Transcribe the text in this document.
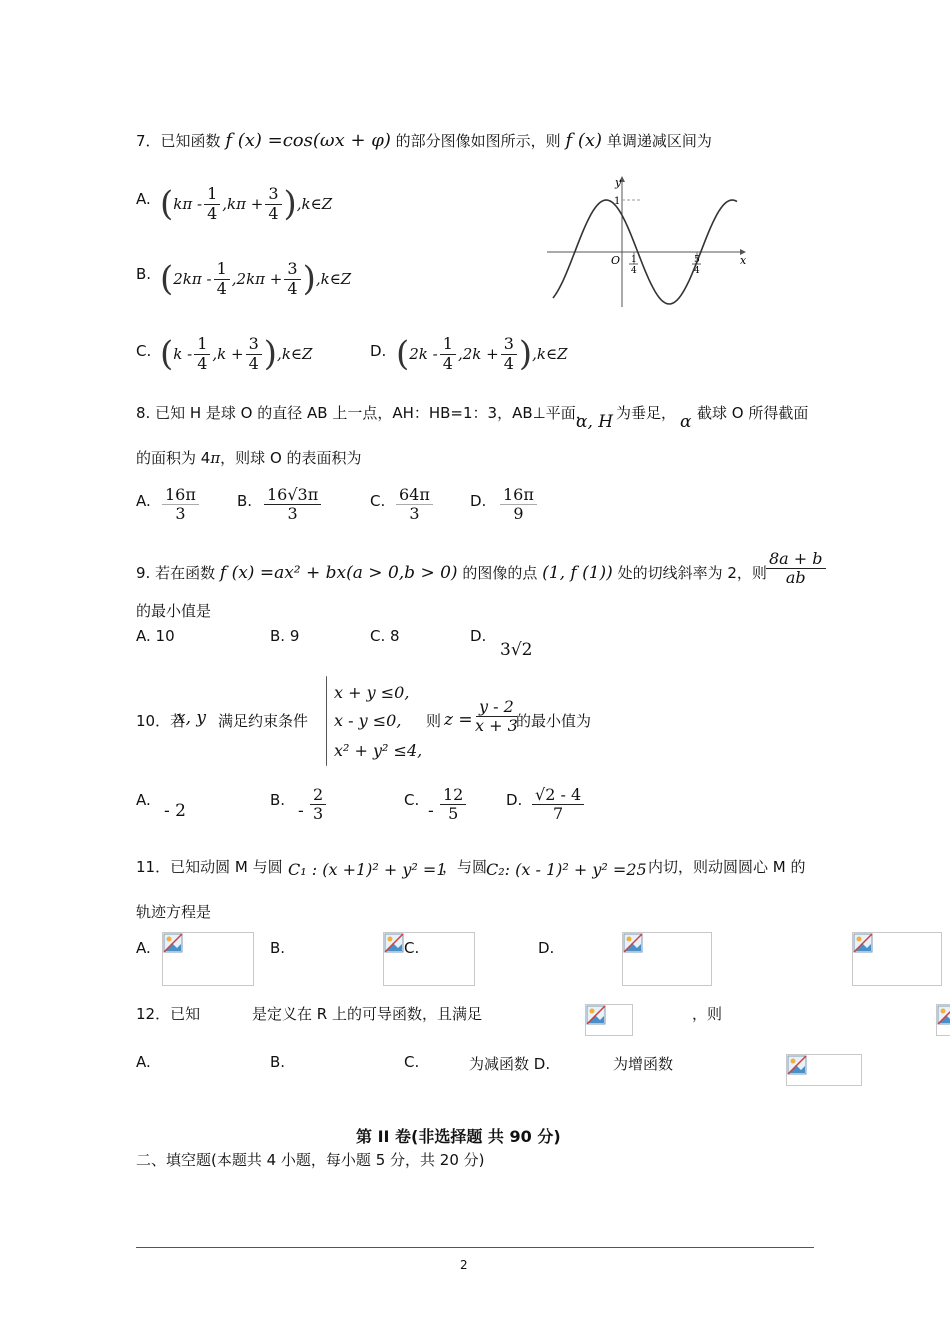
7．已知函数 f (x) =cos(ωx + φ) 的部分图像如图所示，则 f (x) 单调递减区间为
A. ( $k\pi - \frac{1}{4} ,k\pi + \frac{3}{4}$ ) ,k∈Z
B. ( $2k\pi - \frac{1}{4} ,2k\pi + \frac{3}{4}$ ) ,k∈Z
C. ( $k - \frac{1}{4} ,k + \frac{3}{4}$ ) ,k∈Z	D. ( $2k - \frac{1}{4} ,2k + \frac{3}{4}$ ) ,k∈Z
y
x
O
1
1
4
5
4
8. 已知 H 是球 O 的直径 AB 上一点，AH：HB=1：3，AB⊥平面，
α, H 为垂足， α 截球 O 所得截面
的面积为 4π，则球 O 的表面积为
A. $\frac{16\pi}{3}$	B. $\frac{16√3\pi}{3}$	C. $\frac{64\pi}{3} D$. $\frac{16\pi}{9}$
9. 若在函数 f (x) =ax² + bx(a > 0,b > 0) 的图像的点 (1, f (1)) 处的切线斜率为 2，则 $\frac{8a + b}{ab}$
的最小值是
A. 10	B. 9	C. 8	D.
3√2
10．若
x, y 满足约束条件
x + y ≤0,
x - y ≤0,
x² + y² ≤4,
则 $z = \frac{y - 2}{x + 3}$
的最小值为
A.
- 2
B.
- $\frac{2}{3}$	C.
- $\frac{12}{5}$	D. $\frac{√2 - 4}{7}$
11．已知动圆 M 与圆 C₁ : (x +1)² + y² =1
，与圆
C₂: (x - 1)² + y² =25 内切，则动圆圆心 M 的
轨迹方程是
A.
	B.
	C.
	D.

12．已知
	是定义在 R 上的可导函数，且满足
	，则
A.
	B.
	C.
	为减函数 D.	为增函数
第 II 卷(非选择题 共 90 分)
二、填空题(本题共 4 小题，每小题 5 分，共 20 分)
2
